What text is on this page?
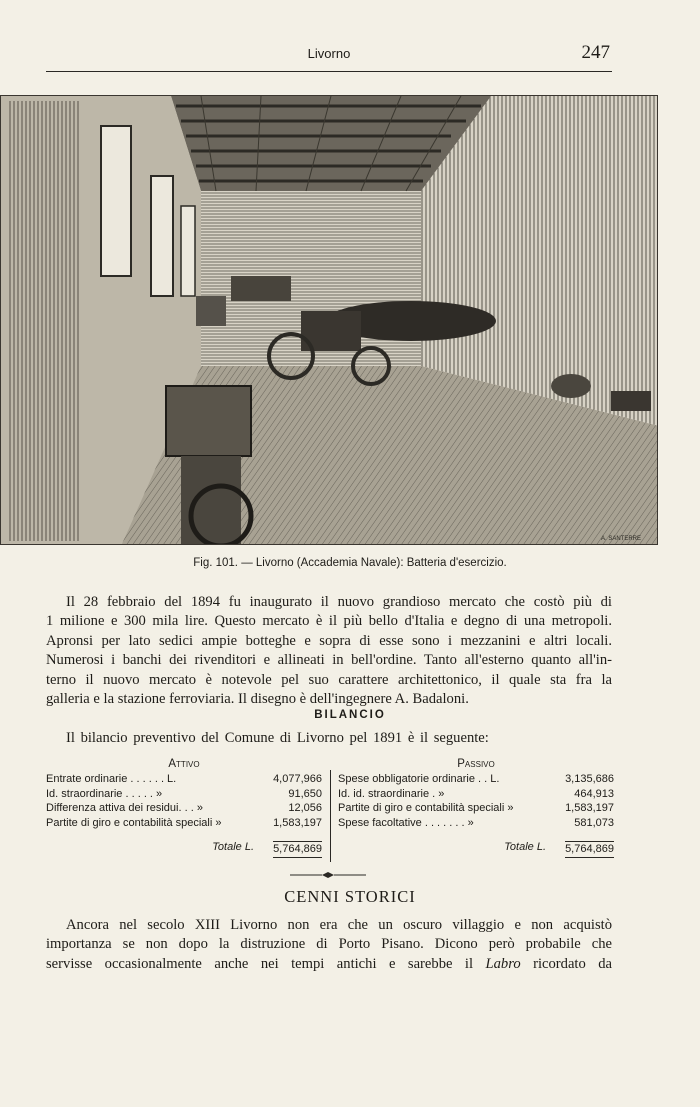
Livorno	247
A. SANTERRE
Fig. 101. — Livorno (Accademia Navale): Batteria d'esercizio.
Il 28 febbraio del 1894 fu inaugurato il nuovo grandioso mercato che costò più di
1 milione e 300 mila lire. Questo mercato è il più bello d'Italia e degno di una metropoli.
Apronsi per lato sedici ampie botteghe e sopra di esse sono i mezzanini e altri locali.
Numerosi i banchi dei rivenditori e allineati in bell'ordine. Tanto all'esterno quanto all'in-
terno il nuovo mercato è notevole pel suo carattere architettonico, il quale sta fra la
galleria e la stazione ferroviaria. Il disegno è dell'ingegnere A. Badaloni.
BILANCIO
Il bilancio preventivo del Comune di Livorno pel 1891 è il seguente:
Attivo
Entrate ordinarie . . . . . . L.	4,077,966
Id. straordinarie . . . . . »	91,650
Differenza attiva dei residui. . . »	12,056
Partite di giro e contabilità speciali »	1,583,197
Totale L. 5,764,869
Passivo
Spese obbligatorie ordinarie . . L.	3,135,686
Id. id. straordinarie . »	464,913
Partite di giro e contabilità speciali »	1,583,197
Spese facoltative . . . . . . . »	581,073
Totale L. 5,764,869
CENNI STORICI
Ancora nel secolo XIII Livorno non era che un oscuro villaggio e non acquistò
importanza se non dopo la distruzione di Porto Pisano. Dicono però probabile che
servisse occasionalmente anche nei tempi antichi e sarebbe il Labro ricordato da
